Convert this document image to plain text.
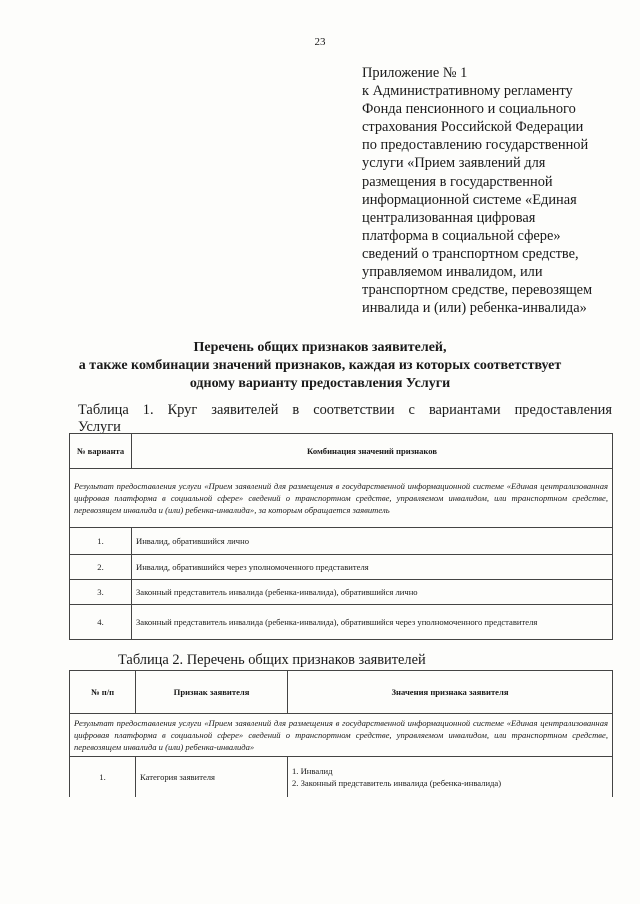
23
Приложение № 1
к Административному регламенту
Фонда пенсионного и социального
страхования Российской Федерации
по предоставлению государственной
услуги «Прием заявлений для
размещения в государственной
информационной системе «Единая
централизованная цифровая
платформа в социальной сфере»
сведений о транспортном средстве,
управляемом инвалидом, или
транспортном средстве, перевозящем
инвалида и (или) ребенка-инвалида»
Перечень общих признаков заявителей,
а также комбинации значений признаков, каждая из которых соответствует
одному варианту предоставления Услуги
Таблица 1. Круг заявителей в соответствии с вариантами предоставления
Услуги
№ варианта	Комбинация значений признаков
Результат предоставления услуги «Прием заявлений для размещения в государственной информационной системе «Единая централизованная цифровая платформа в социальной сфере» сведений о транспортном средстве, управляемом инвалидом, или транспортном средстве, перевозящем инвалида и (или) ребенка-инвалида», за которым обращается заявитель	
1.	Инвалид, обратившийся лично
2.	Инвалид, обратившийся через уполномоченного представителя
3.	Законный представитель инвалида (ребенка-инвалида), обратившийся лично
4.	Законный представитель инвалида (ребенка-инвалида), обратившийся через уполномоченного представителя
Таблица 2. Перечень общих признаков заявителей
№ п/п	Признак заявителя	Значения признака заявителя
Результат предоставления услуги «Прием заявлений для размещения в государственной информационной системе «Единая централизованная цифровая платформа в социальной сфере» сведений о транспортном средстве, управляемом инвалидом, или транспортном средстве, перевозящем инвалида и (или) ребенка-инвалида»		
1.	Категория заявителя	1. Инвалид
2. Законный представитель инвалида (ребенка-инвалида)
